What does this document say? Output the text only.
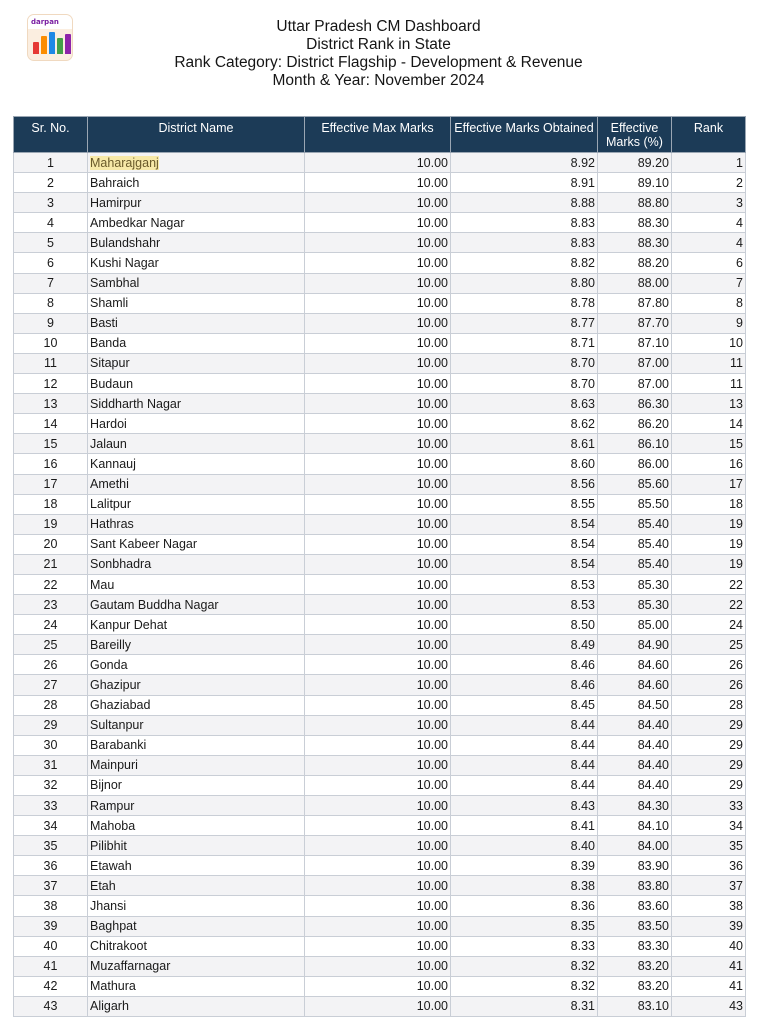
darpan	Uttar Pradesh CM Dashboard
District Rank in State
Rank Category: District Flagship - Development & Revenue
Month & Year: November 2024
Sr. No.	District Name	Effective Max Marks	Effective Marks Obtained	Effective Marks (%)	Rank
1	Maharajganj	10.00	8.92	89.20	1
2	Bahraich	10.00	8.91	89.10	2
3	Hamirpur	10.00	8.88	88.80	3
4	Ambedkar Nagar	10.00	8.83	88.30	4
5	Bulandshahr	10.00	8.83	88.30	4
6	Kushi Nagar	10.00	8.82	88.20	6
7	Sambhal	10.00	8.80	88.00	7
8	Shamli	10.00	8.78	87.80	8
9	Basti	10.00	8.77	87.70	9
10	Banda	10.00	8.71	87.10	10
11	Sitapur	10.00	8.70	87.00	11
12	Budaun	10.00	8.70	87.00	11
13	Siddharth Nagar	10.00	8.63	86.30	13
14	Hardoi	10.00	8.62	86.20	14
15	Jalaun	10.00	8.61	86.10	15
16	Kannauj	10.00	8.60	86.00	16
17	Amethi	10.00	8.56	85.60	17
18	Lalitpur	10.00	8.55	85.50	18
19	Hathras	10.00	8.54	85.40	19
20	Sant Kabeer Nagar	10.00	8.54	85.40	19
21	Sonbhadra	10.00	8.54	85.40	19
22	Mau	10.00	8.53	85.30	22
23	Gautam Buddha Nagar	10.00	8.53	85.30	22
24	Kanpur Dehat	10.00	8.50	85.00	24
25	Bareilly	10.00	8.49	84.90	25
26	Gonda	10.00	8.46	84.60	26
27	Ghazipur	10.00	8.46	84.60	26
28	Ghaziabad	10.00	8.45	84.50	28
29	Sultanpur	10.00	8.44	84.40	29
30	Barabanki	10.00	8.44	84.40	29
31	Mainpuri	10.00	8.44	84.40	29
32	Bijnor	10.00	8.44	84.40	29
33	Rampur	10.00	8.43	84.30	33
34	Mahoba	10.00	8.41	84.10	34
35	Pilibhit	10.00	8.40	84.00	35
36	Etawah	10.00	8.39	83.90	36
37	Etah	10.00	8.38	83.80	37
38	Jhansi	10.00	8.36	83.60	38
39	Baghpat	10.00	8.35	83.50	39
40	Chitrakoot	10.00	8.33	83.30	40
41	Muzaffarnagar	10.00	8.32	83.20	41
42	Mathura	10.00	8.32	83.20	41
43	Aligarh	10.00	8.31	83.10	43
